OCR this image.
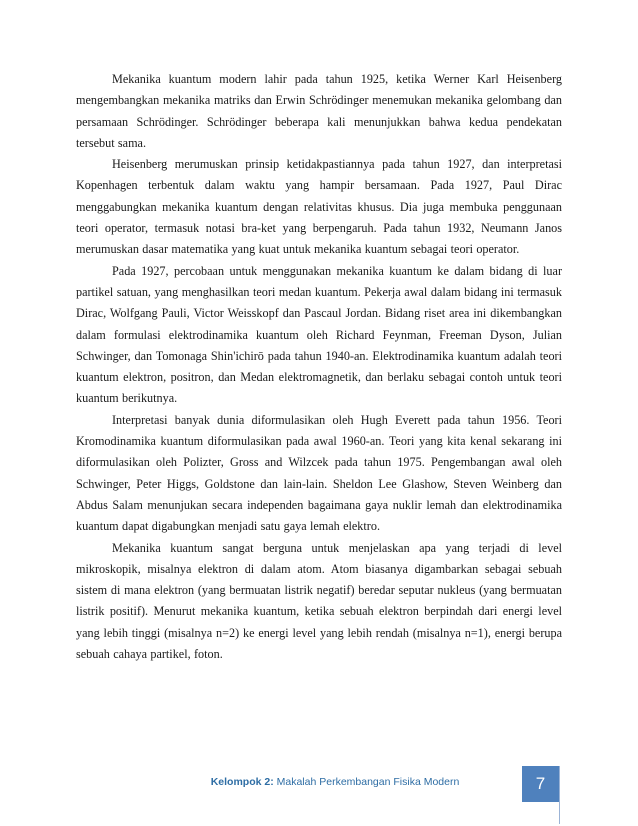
Mekanika kuantum modern lahir pada tahun 1925, ketika Werner Karl Heisenberg mengembangkan mekanika matriks dan Erwin Schrödinger menemukan mekanika gelombang dan persamaan Schrödinger. Schrödinger beberapa kali menunjukkan bahwa kedua pendekatan tersebut sama.

Heisenberg merumuskan prinsip ketidakpastiannya pada tahun 1927, dan interpretasi Kopenhagen terbentuk dalam waktu yang hampir bersamaan. Pada 1927, Paul Dirac menggabungkan mekanika kuantum dengan relativitas khusus. Dia juga membuka penggunaan teori operator, termasuk notasi bra-ket yang berpengaruh. Pada tahun 1932, Neumann Janos merumuskan dasar matematika yang kuat untuk mekanika kuantum sebagai teori operator.

Pada 1927, percobaan untuk menggunakan mekanika kuantum ke dalam bidang di luar partikel satuan, yang menghasilkan teori medan kuantum. Pekerja awal dalam bidang ini termasuk Dirac, Wolfgang Pauli, Victor Weisskopf dan Pascaul Jordan. Bidang riset area ini dikembangkan dalam formulasi elektrodinamika kuantum oleh Richard Feynman, Freeman Dyson, Julian Schwinger, dan Tomonaga Shin'ichirō pada tahun 1940-an. Elektrodinamika kuantum adalah teori kuantum elektron, positron, dan Medan elektromagnetik, dan berlaku sebagai contoh untuk teori kuantum berikutnya.

Interpretasi banyak dunia diformulasikan oleh Hugh Everett pada tahun 1956. Teori Kromodinamika kuantum diformulasikan pada awal 1960-an. Teori yang kita kenal sekarang ini diformulasikan oleh Polizter, Gross and Wilzcek pada tahun 1975. Pengembangan awal oleh Schwinger, Peter Higgs, Goldstone dan lain-lain. Sheldon Lee Glashow, Steven Weinberg dan Abdus Salam menunjukan secara independen bagaimana gaya nuklir lemah dan elektrodinamika kuantum dapat digabungkan menjadi satu gaya lemah elektro.

Mekanika kuantum sangat berguna untuk menjelaskan apa yang terjadi di level mikroskopik, misalnya elektron di dalam atom. Atom biasanya digambarkan sebagai sebuah sistem di mana elektron (yang bermuatan listrik negatif) beredar seputar nukleus (yang bermuatan listrik positif). Menurut mekanika kuantum, ketika sebuah elektron berpindah dari energi level yang lebih tinggi (misalnya n=2) ke energi level yang lebih rendah (misalnya n=1), energi berupa sebuah cahaya partikel, foton.

Kelompok 2: Makalah Perkembangan Fisika Modern	7
